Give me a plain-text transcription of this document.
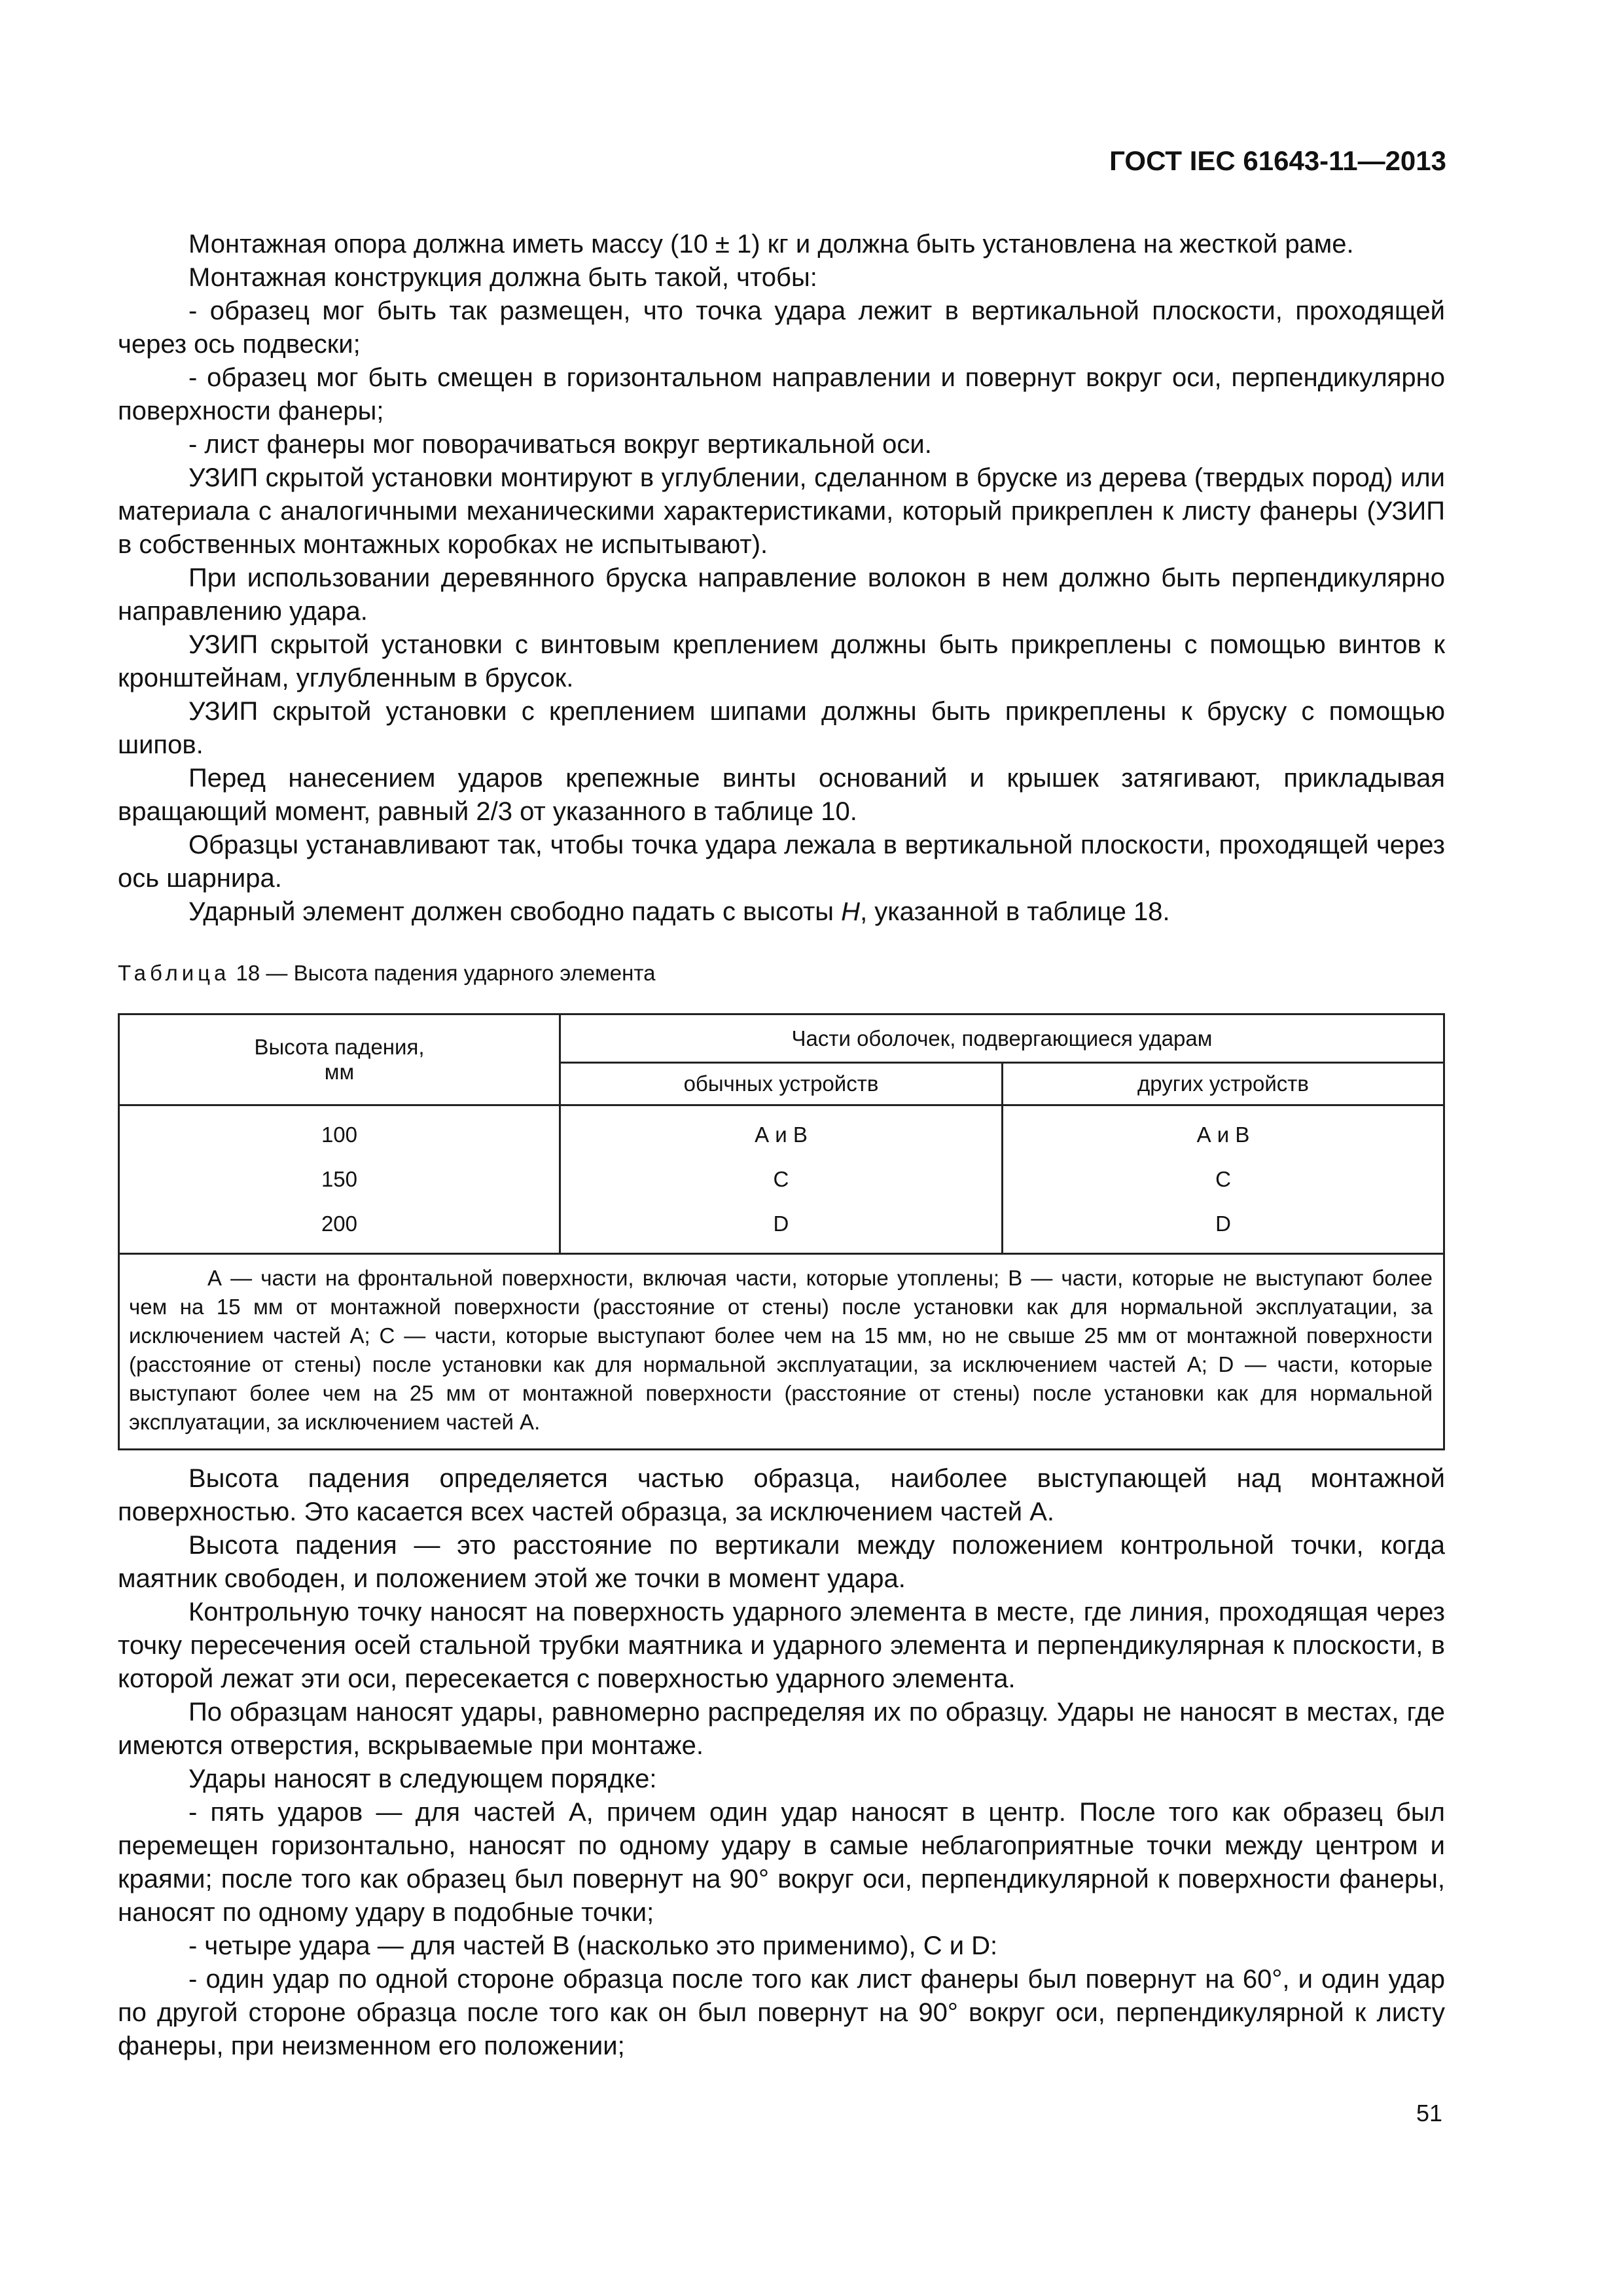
ГОСТ IEC 61643-11—2013

Монтажная опора должна иметь массу (10 ± 1) кг и должна быть установлена на жесткой раме.

Монтажная конструкция должна быть такой, чтобы:

- образец мог быть так размещен, что точка удара лежит в вертикальной плоскости, проходящей через ось подвески;

- образец мог быть смещен в горизонтальном направлении и повернут вокруг оси, перпендикулярно поверхности фанеры;

- лист фанеры мог поворачиваться вокруг вертикальной оси.

УЗИП скрытой установки монтируют в углублении, сделанном в бруске из дерева (твердых пород) или материала с аналогичными механическими характеристиками, который прикреплен к листу фанеры (УЗИП в собственных монтажных коробках не испытывают).

При использовании деревянного бруска направление волокон в нем должно быть перпендикулярно направлению удара.

УЗИП скрытой установки с винтовым креплением должны быть прикреплены с помощью винтов к кронштейнам, углубленным в брусок.

УЗИП скрытой установки с креплением шипами должны быть прикреплены к бруску с помощью шипов.

Перед нанесением ударов крепежные винты оснований и крышек затягивают, прикладывая вращающий момент, равный 2/3 от указанного в таблице 10.

Образцы устанавливают так, чтобы точка удара лежала в вертикальной плоскости, проходящей через ось шарнира.

Ударный элемент должен свободно падать с высоты H, указанной в таблице 18.

Таблица 18 — Высота падения ударного элемента
Высота падения,
мм	Части оболочек, подвергающиеся ударам	
	обычных устройств	других устройств
100	А и В	А и В
150	С	С
200	D	D

А — части на фронтальной поверхности, включая части, которые утоплены; В — части, которые не выступают более чем на 15 мм от монтажной поверхности (расстояние от стены) после установки как для нормальной эксплуатации, за исключением частей А; С — части, которые выступают более чем на 15 мм, но не свыше 25 мм от монтажной поверхности (расстояние от стены) после установки как для нормальной эксплуатации, за исключением частей А; D — части, которые выступают более чем на 25 мм от монтажной поверхности (расстояние от стены) после установки как для нормальной эксплуатации, за исключением частей А.		

Высота падения определяется частью образца, наиболее выступающей над монтажной поверхностью. Это касается всех частей образца, за исключением частей А.

Высота падения — это расстояние по вертикали между положением контрольной точки, когда маятник свободен, и положением этой же точки в момент удара.

Контрольную точку наносят на поверхность ударного элемента в месте, где линия, проходящая через точку пересечения осей стальной трубки маятника и ударного элемента и перпендикулярная к плоскости, в которой лежат эти оси, пересекается с поверхностью ударного элемента.

По образцам наносят удары, равномерно распределяя их по образцу. Удары не наносят в местах, где имеются отверстия, вскрываемые при монтаже.

Удары наносят в следующем порядке:

- пять ударов — для частей А, причем один удар наносят в центр. После того как образец был перемещен горизонтально, наносят по одному удару в самые неблагоприятные точки между центром и краями; после того как образец был повернут на 90° вокруг оси, перпендикулярной к поверхности фанеры, наносят по одному удару в подобные точки;

- четыре удара — для частей В (насколько это применимо), С и D:

- один удар по одной стороне образца после того как лист фанеры был повернут на 60°, и один удар по другой стороне образца после того как он был повернут на 90° вокруг оси, перпендикулярной к листу фанеры, при неизменном его положении;

51
